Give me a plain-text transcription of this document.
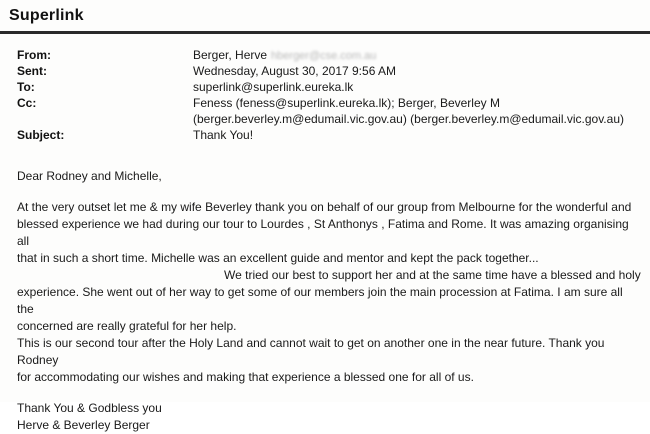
Superlink
From:	Berger, Herve hberger@cse.com.au
Sent:	Wednesday, August 30, 2017 9:56 AM
To:	superlink@superlink.eureka.lk
Cc:	Feness (feness@superlink.eureka.lk); Berger, Beverley M
(berger.beverley.m@edumail.vic.gov.au) (berger.beverley.m@edumail.vic.gov.au)
Subject:	Thank You!

Dear Rodney and Michelle,

At the very outset let me & my wife Beverley thank you on behalf of our group from Melbourne for the wonderful and

blessed experience we had during our tour to Lourdes , St Anthonys , Fatima and Rome. It was amazing organising all

that in such a short time. Michelle was an excellent guide and mentor and kept the pack together...

We tried our best to support her and at the same time have a blessed and holy

experience. She went out of her way to get some of our members join the main procession at Fatima. I am sure all the

concerned are really grateful for her help.

This is our second tour after the Holy Land and cannot wait to get on another one in the near future. Thank you Rodney

for accommodating our wishes and making that experience a blessed one for all of us.

Thank You & Godbless you

Herve & Beverley Berger
